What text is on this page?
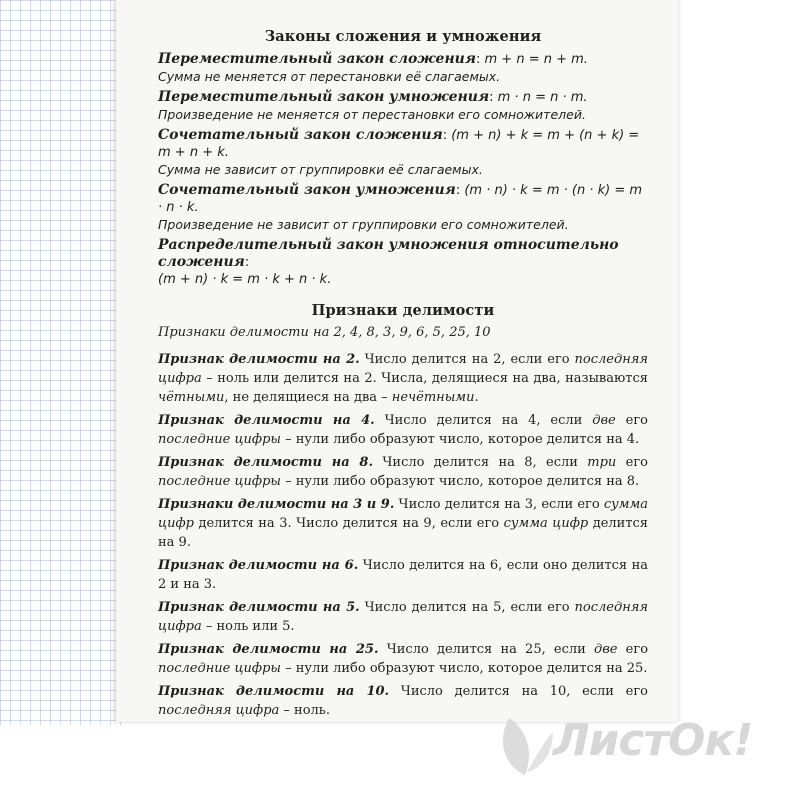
Законы сложения и умножения
Переместительный закон сложения: m + n = n + m.
Сумма не меняется от перестановки её слагаемых.
Переместительный закон умножения: m · n = n · m.
Произведение не меняется от перестановки его сомножителей.
Сочетательный закон сложения: (m + n) + k = m + (n + k) = m + n + k.
Сумма не зависит от группировки её слагаемых.
Сочетательный закон умножения: (m · n) · k = m · (n · k) = m · n · k.
Произведение не зависит от группировки его сомножителей.
Распределительный закон умножения относительно сложения:
(m + n) · k = m · k + n · k.
Признаки делимости
Признаки делимости на 2, 4, 8, 3, 9, 6, 5, 25, 10
Признак делимости на 2. Число делится на 2, если его последняя цифра – ноль или делится на 2. Числа, делящиеся на два, называются чётными, не делящиеся на два – нечётными.
Признак делимости на 4. Число делится на 4, если две его последние цифры – нули либо образуют число, которое делится на 4.
Признак делимости на 8. Число делится на 8, если три его последние цифры – нули либо образуют число, которое делится на 8.
Признаки делимости на 3 и 9. Число делится на 3, если его сумма цифр делится на 3. Число делится на 9, если его сумма цифр делится на 9.
Признак делимости на 6. Число делится на 6, если оно делится на 2 и на 3.
Признак делимости на 5. Число делится на 5, если его последняя цифра – ноль или 5.
Признак делимости на 25. Число делится на 25, если две его последние цифры – нули либо образуют число, которое делится на 25.
Признак делимости на 10. Число делится на 10, если его последняя цифра – ноль.
ЛистОк!
